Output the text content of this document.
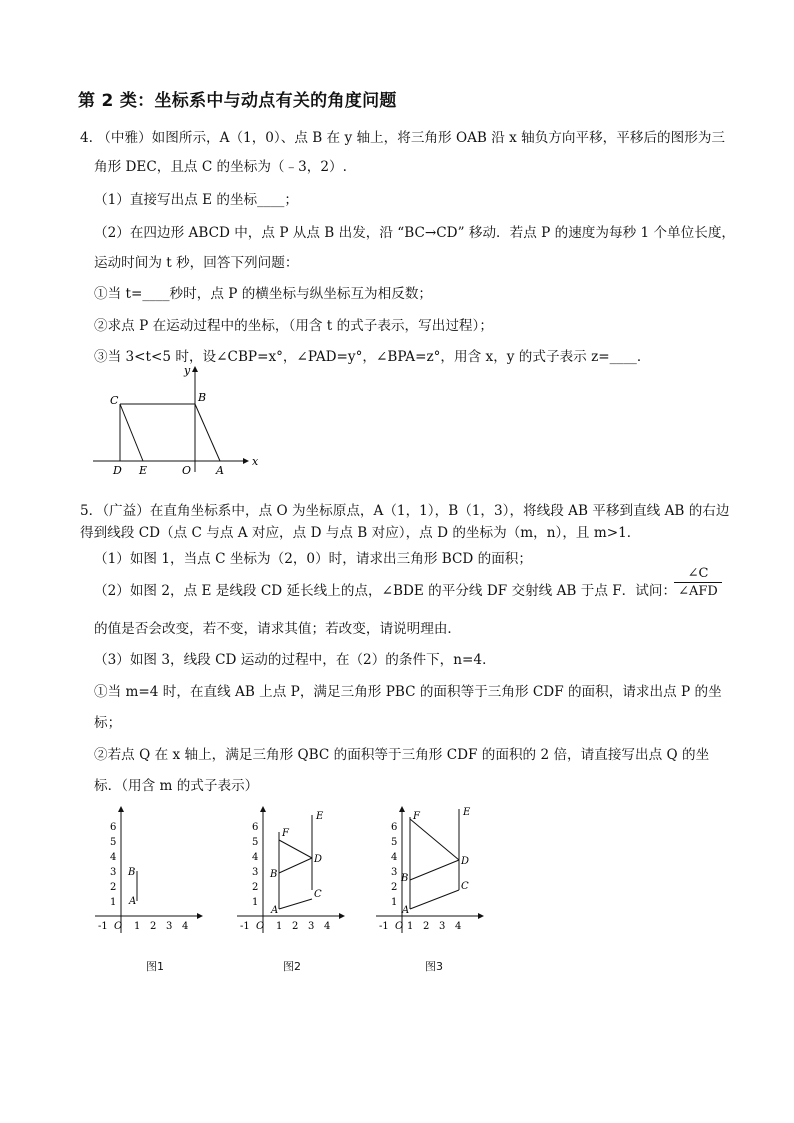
第 2 类：坐标系中与动点有关的角度问题
4. （中雅）如图所示，A（1，0）、点 B 在 y 轴上，将三角形 OAB 沿 x 轴负方向平移，平移后的图形为三
角形 DEC，且点 C 的坐标为（﹣3，2）.
（1）直接写出点 E 的坐标____；
（2）在四边形 ABCD 中，点 P 从点 B 出发，沿 “BC→CD” 移动．若点 P 的速度为每秒 1 个单位长度，
运动时间为 t 秒，回答下列问题：
①当 t=____秒时，点 P 的横坐标与纵坐标互为相反数；
②求点 P 在运动过程中的坐标，（用含 t 的式子表示，写出过程）；
③当 3<t<5 时，设∠CBP=x°，∠PAD=y°，∠BPA=z°，用含 x，y 的式子表示 z=____．
y
x
C	B
D E	O A
5．（广益）在直角坐标系中，点 O 为坐标原点，A（1，1），B（1，3），将线段 AB 平移到直线 AB 的右边
得到线段 CD（点 C 与点 A 对应，点 D 与点 B 对应），点 D 的坐标为（m，n），且 m>1．
（1）如图 1，当点 C 坐标为（2，0）时，请求出三角形 BCD 的面积；
（2）如图 2，点 E 是线段 CD 延长线上的点，∠BDE 的平分线 DF 交射线 AB 于点 F．试问：
∠C
∠AFD
的值是否会改变，若不变，请求其值；若改变，请说明理由．
（3）如图 3，线段 CD 运动的过程中，在（2）的条件下，n=4．
①当 m=4 时，在直线 AB 上点 P，满足三角形 PBC 的面积等于三角形 CDF 的面积，请求出点 P 的坐
标；
②若点 Q 在 x 轴上，满足三角形 QBC 的面积等于三角形 CDF 的面积的 2 倍，请直接写出点 Q 的坐
标．（用含 m 的式子表示）
1
2
3
4
5
6
-1	1 2 3 4
O
B
A
图1
1
2
3
4
5
6
-1	1 2 3 4
O
E
F
D
B
C
A
图2
1
2
3
4
5
6
-1 1 2 3 4
O
E
F
D
B
C
A
图3
